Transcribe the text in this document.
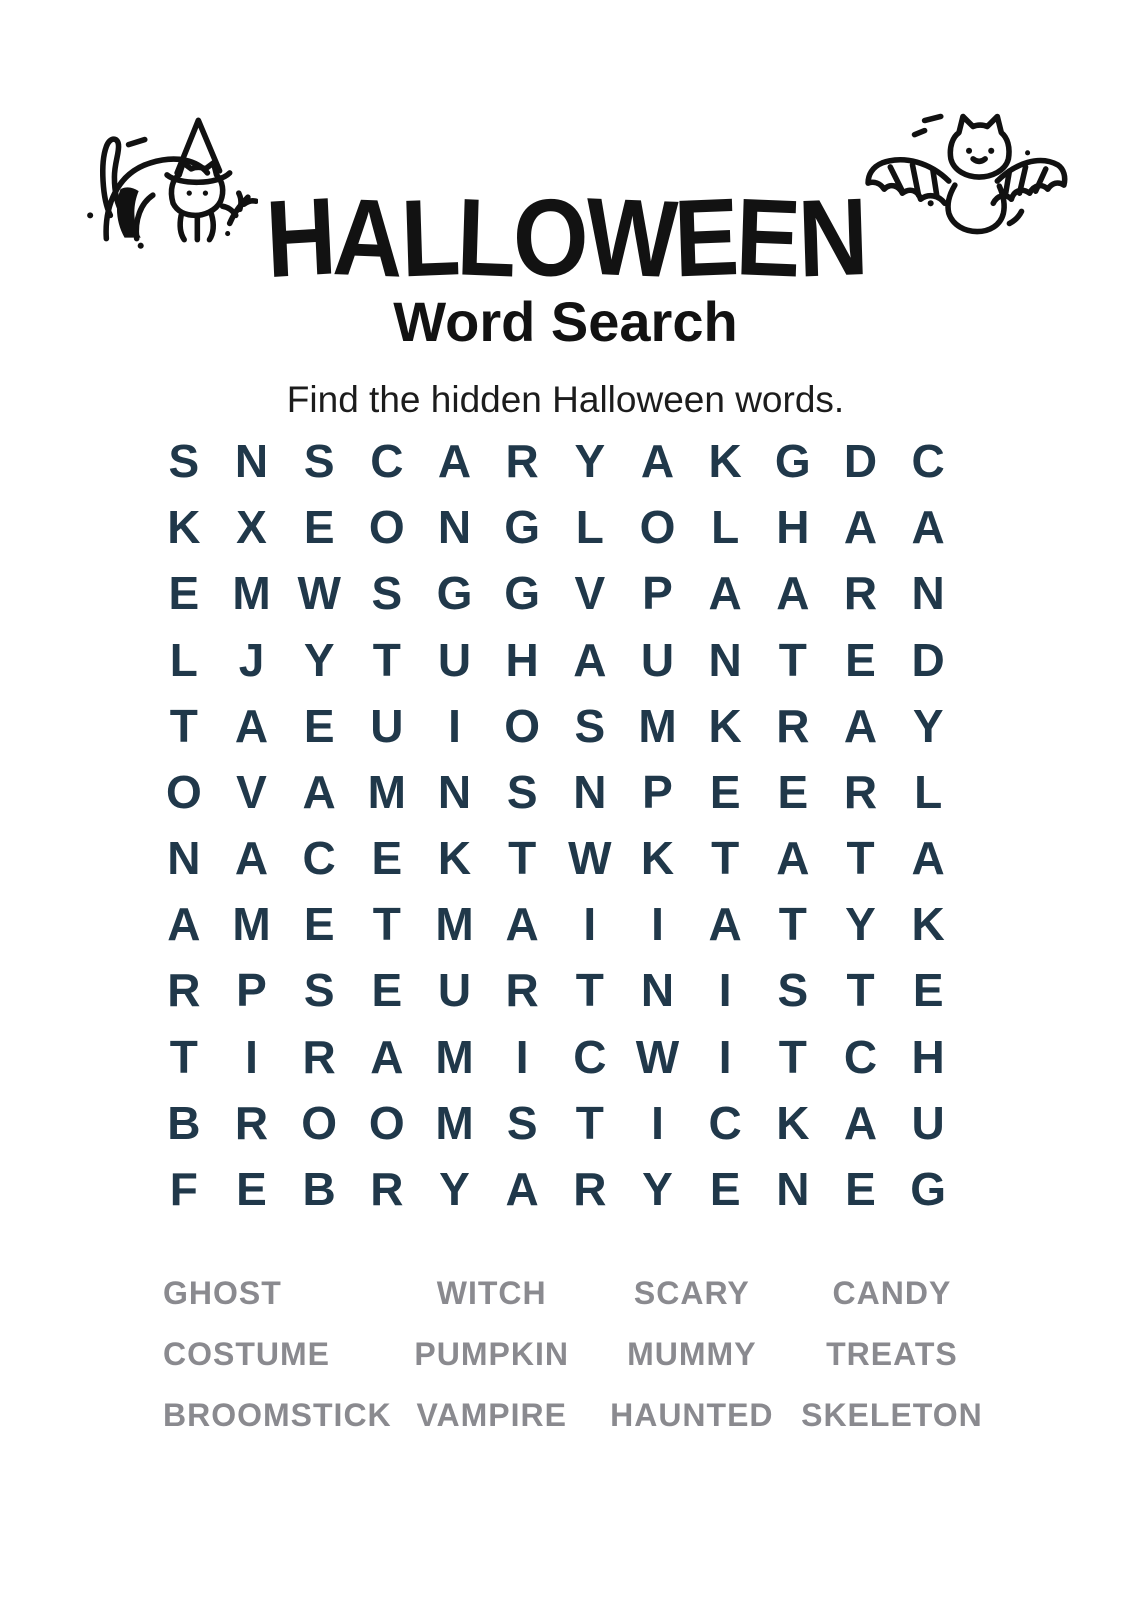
HALLOWEEN
Word Search

Find the hidden Halloween words.

S N S C A R Y A K G D C
K X E O N G L O L H A A
E M W S G G V P A A R N
L J Y T U H A U N T E D
T A E U I O S M K R A Y
O V A M N S N P E E R L
N A C E K T W K T A T A
A M E T M A I	I A T Y K
R P S E U R T N I S T E
T	I R A M I C W I	T C H
B R O O M S T	I C K A U
F E B R Y A R Y E N E G
GHOST	WITCH	SCARY	CANDY
COSTUME	PUMPKIN MUMMY TREATS
BROOMSTICK VAMPIRE HAUNTED SKELETON
